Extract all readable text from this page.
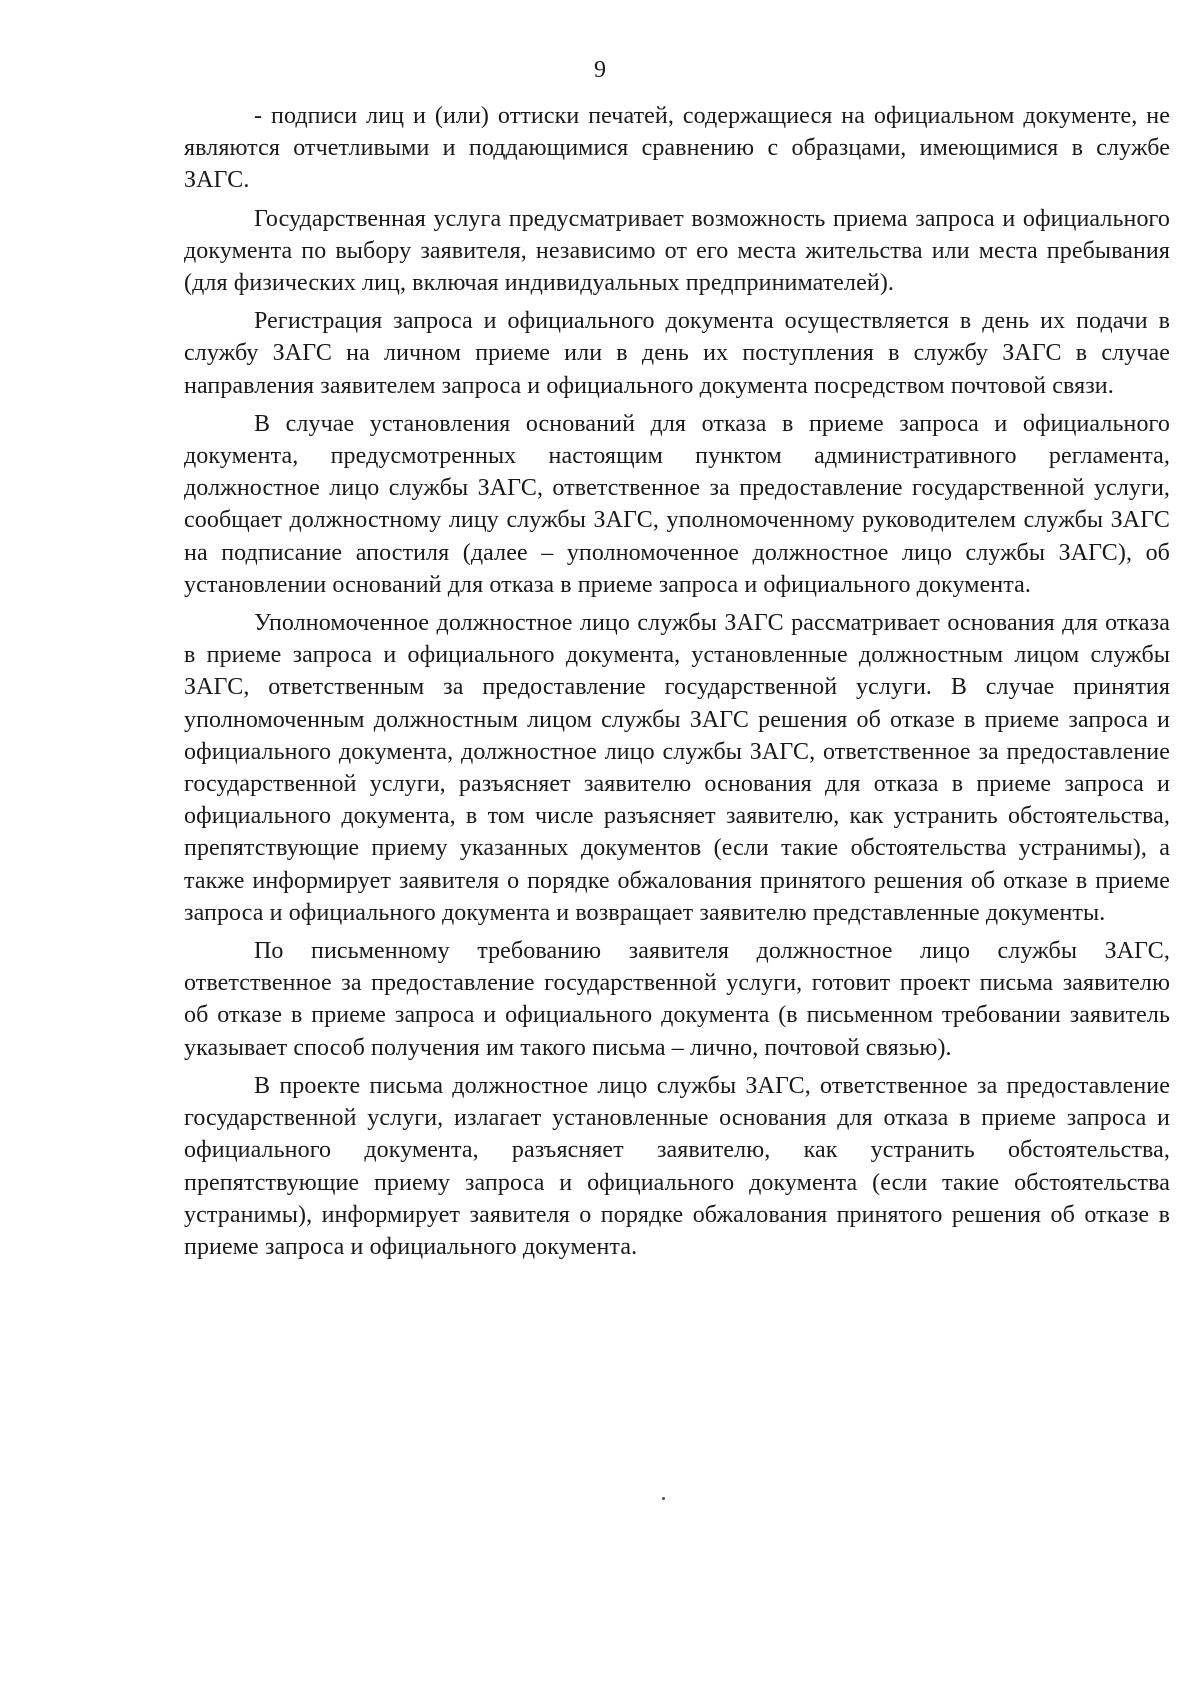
9

- подписи лиц и (или) оттиски печатей, содержащиеся на официальном документе, не являются отчетливыми и поддающимися сравнению с образцами, имеющимися в службе ЗАГС.

Государственная услуга предусматривает возможность приема запроса и официального документа по выбору заявителя, независимо от его места жительства или места пребывания (для физических лиц, включая индивидуальных предпринимателей).

Регистрация запроса и официального документа осуществляется в день их подачи в службу ЗАГС на личном приеме или в день их поступления в службу ЗАГС в случае направления заявителем запроса и официального документа посредством почтовой связи.

В случае установления оснований для отказа в приеме запроса и официального документа, предусмотренных настоящим пунктом административного регламента, должностное лицо службы ЗАГС, ответственное за предоставление государственной услуги, сообщает должностному лицу службы ЗАГС, уполномоченному руководителем службы ЗАГС на подписание апостиля (далее – уполномоченное должностное лицо службы ЗАГС), об установлении оснований для отказа в приеме запроса и официального документа.

Уполномоченное должностное лицо службы ЗАГС рассматривает основания для отказа в приеме запроса и официального документа, установленные должностным лицом службы ЗАГС, ответственным за предоставление государственной услуги. В случае принятия уполномоченным должностным лицом службы ЗАГС решения об отказе в приеме запроса и официального документа, должностное лицо службы ЗАГС, ответственное за предоставление государственной услуги, разъясняет заявителю основания для отказа в приеме запроса и официального документа, в том числе разъясняет заявителю, как устранить обстоятельства, препятствующие приему указанных документов (если такие обстоятельства устранимы), а также информирует заявителя о порядке обжалования принятого решения об отказе в приеме запроса и официального документа и возвращает заявителю представленные документы.

По письменному требованию заявителя должностное лицо службы ЗАГС, ответственное за предоставление государственной услуги, готовит проект письма заявителю об отказе в приеме запроса и официального документа (в письменном требовании заявитель указывает способ получения им такого письма – лично, почтовой связью).

В проекте письма должностное лицо службы ЗАГС, ответственное за предоставление государственной услуги, излагает установленные основания для отказа в приеме запроса и официального документа, разъясняет заявителю, как устранить обстоятельства, препятствующие приему запроса и официального документа (если такие обстоятельства устранимы), информирует заявителя о порядке обжалования принятого решения об отказе в приеме запроса и официального документа.
